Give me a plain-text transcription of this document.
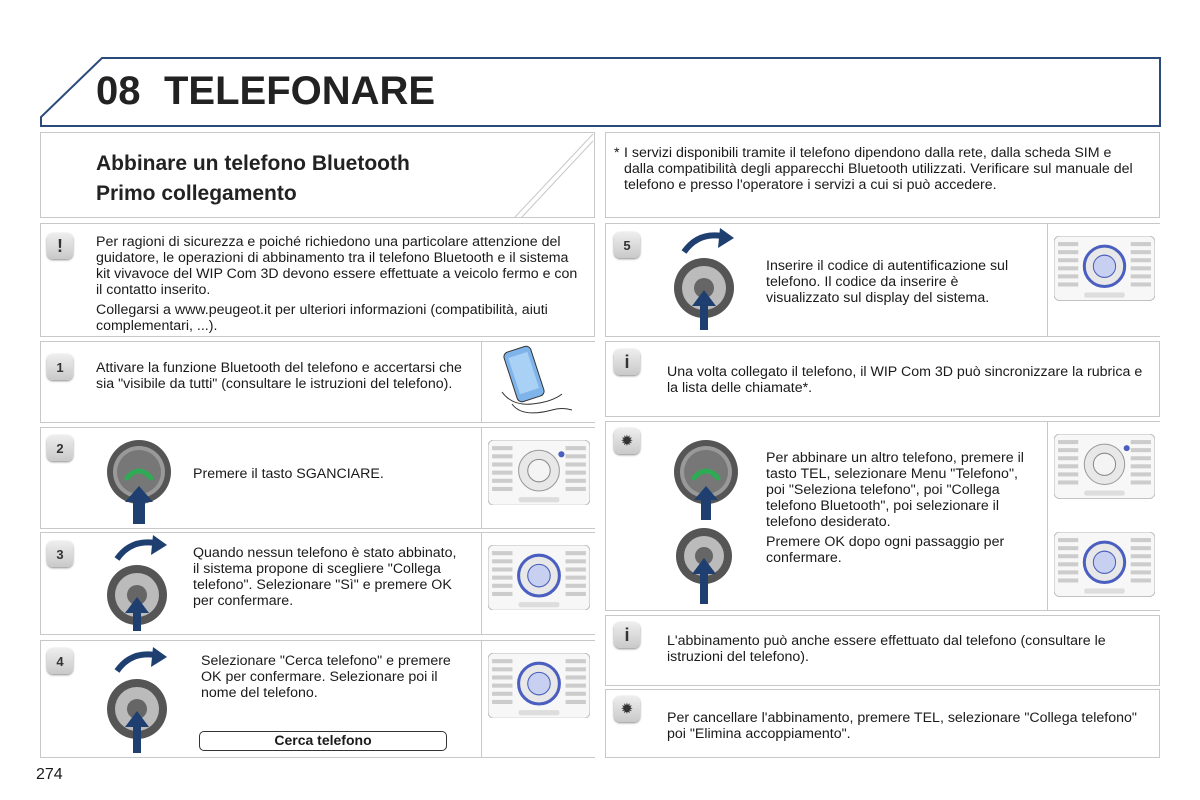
08 TELEFONARE
Abbinare un telefono Bluetooth
Primo collegamento
* I servizi disponibili tramite il telefono dipendono dalla rete, dalla scheda SIM e dalla compatibilità degli apparecchi Bluetooth utilizzati. Verificare sul manuale del telefono e presso l'operatore i servizi a cui si può accedere.
!	Per ragioni di sicurezza e poiché richiedono una particolare attenzione del guidatore, le operazioni di abbinamento tra il telefono Bluetooth e il sistema kit vivavoce del WIP Com 3D devono essere effettuate a veicolo fermo e con il contatto inserito.

Collegarsi a www.peugeot.it per ulteriori informazioni (compatibilità, aiuti complementari, ...).

1	Attivare la funzione Bluetooth del telefono e accertarsi che sia "visibile da tutti" (consultare le istruzioni del telefono).
2
Premere il tasto SGANCIARE.
3	Quando nessun telefono è stato abbinato, il sistema propone di scegliere "Collega telefono". Selezionare "Sì" e premere OK per confermare.
4	Selezionare "Cerca telefono" e premere OK per confermare. Selezionare poi il nome del telefono.
Cerca telefono
5
Inserire il codice di autentificazione sul telefono. Il codice da inserire è visualizzato sul display del sistema.
i
Una volta collegato il telefono, il WIP Com 3D può sincronizzare la rubrica e la lista delle chiamate*.
✹

Per abbinare un altro telefono, premere il tasto TEL, selezionare Menu "Telefono", poi "Seleziona telefono", poi "Collega telefono Bluetooth", poi selezionare il telefono desiderato.

Premere OK dopo ogni passaggio per confermare.

i	L'abbinamento può anche essere effettuato dal telefono (consultare le istruzioni del telefono).
✹
Per cancellare l'abbinamento, premere TEL, selezionare "Collega telefono" poi "Elimina accoppiamento".
274
